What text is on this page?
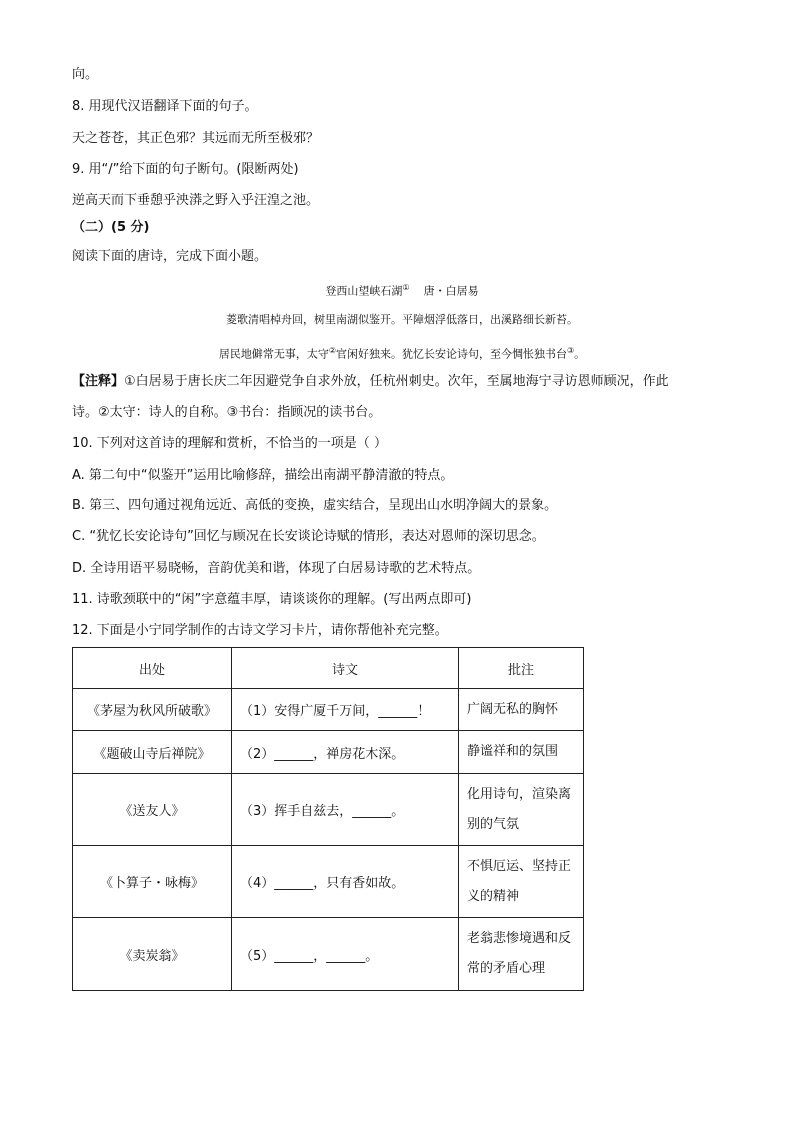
向。
8. 用现代汉语翻译下面的句子。
天之苍苍，其正色邪？其远而无所至极邪？
9. 用“/”给下面的句子断句。(限断两处)
逆高天而下垂憩乎泱漭之野入乎汪湟之池。
（二）(5 分)
阅读下面的唐诗，完成下面小题。
登西山望峡石湖① 唐・白居易
菱歌清唱棹舟回，树里南湖似鉴开。平障烟浮低落日，出溪路细长新苔。
居民地僻常无事，太守②官闲好独来。犹忆长安论诗句，至今惆怅独书台③。
【注释】①白居易于唐长庆二年因避党争自求外放，任杭州刺史。次年，至属地海宁寻访恩师顾况，作此
诗。②太守：诗人的自称。③书台：指顾况的读书台。
10. 下列对这首诗的理解和赏析，不恰当的一项是（ ）
A. 第二句中“似鉴开”运用比喻修辞，描绘出南湖平静清澈的特点。
B. 第三、四句通过视角远近、高低的变换，虚实结合，呈现出山水明净阔大的景象。
C. “犹忆长安论诗句”回忆与顾况在长安谈论诗赋的情形，表达对恩师的深切思念。
D. 全诗用语平易晓畅，音韵优美和谐，体现了白居易诗歌的艺术特点。
11. 诗歌颈联中的“闲”字意蕴丰厚，请谈谈你的理解。(写出两点即可)
12. 下面是小宁同学制作的古诗文学习卡片，请你帮他补充完整。
出处	诗文	批注
《茅屋为秋风所破歌》	（1）安得广厦千万间，______！	广阔无私的胸怀
《题破山寺后禅院》	（2）______，禅房花木深。	静谧祥和的氛围
《送友人》	（3）挥手自兹去，______。	化用诗句，渲染离别的气氛
《卜算子・咏梅》	（4）______，只有香如故。	不惧厄运、坚持正义的精神
《卖炭翁》	（5）______，______。	老翁悲惨境遇和反常的矛盾心理
